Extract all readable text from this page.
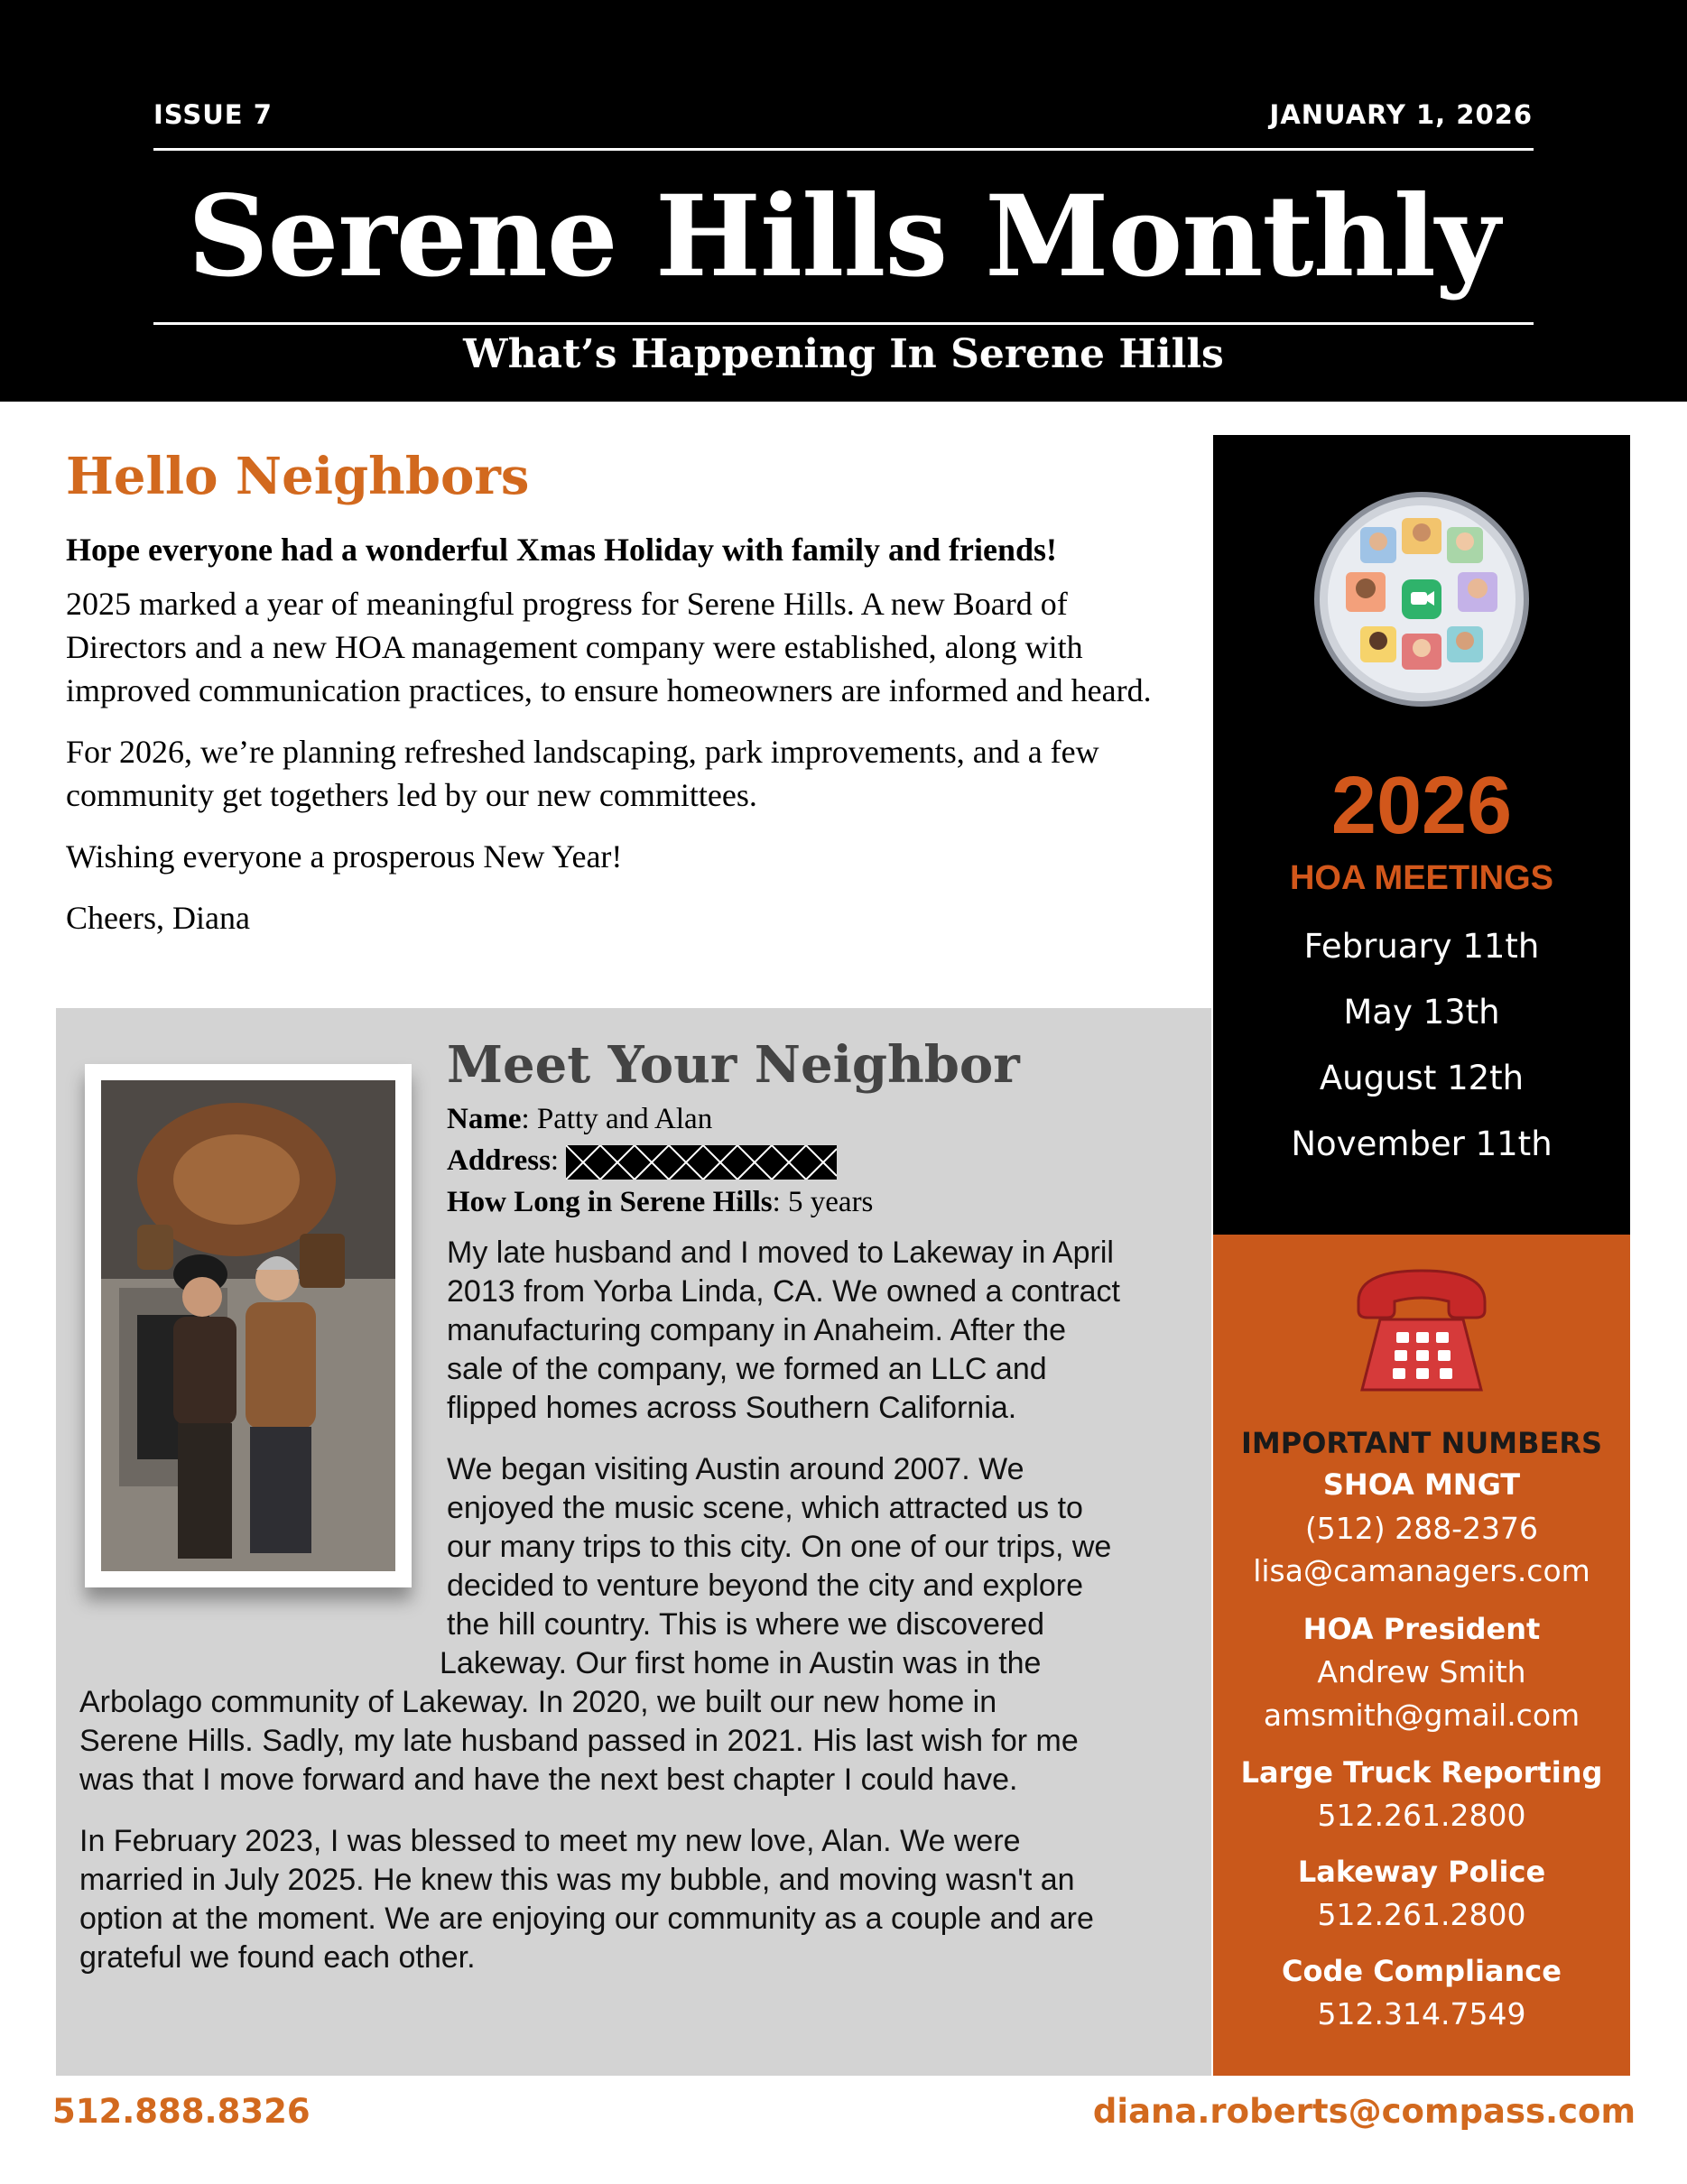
ISSUE 7	JANUARY 1, 2026
Serene Hills Monthly
What’s Happening In Serene Hills
Hello Neighbors

Hope everyone had a wonderful Xmas Holiday with family and friends!

2025 marked a year of meaningful progress for Serene Hills. A new Board of Directors and a new HOA management company were established, along with improved communication practices, to ensure homeowners are informed and heard.

For 2026, we’re planning refreshed landscaping, park improvements, and a few community get togethers led by our new committees.

Wishing everyone a prosperous New Year!

Cheers, Diana

Meet Your Neighbor
Name: Patty and Alan
Address:
How Long in Serene Hills: 5 years
My late husband and I moved to Lakeway in April
2013 from Yorba Linda, CA. We owned a contract
manufacturing company in Anaheim. After the
sale of the company, we formed an LLC and
flipped homes across Southern California.
We began visiting Austin around 2007. We
enjoyed the music scene, which attracted us to
our many trips to this city. On one of our trips, we
decided to venture beyond the city and explore
the hill country. This is where we discovered
Lakeway. Our first home in Austin was in the
Arbolago community of Lakeway. In 2020, we built our new home in
Serene Hills. Sadly, my late husband passed in 2021. His last wish for me
was that I move forward and have the next best chapter I could have.
In February 2023, I was blessed to meet my new love, Alan. We were
married in July 2025. He knew this was my bubble, and moving wasn't an
option at the moment. We are enjoying our community as a couple and are
grateful we found each other.
2026
HOA MEETINGS
February 11th
May 13th
August 12th
November 11th
IMPORTANT NUMBERS
SHOA MNGT
(512) 288-2376
lisa@camanagers.com
HOA President
Andrew Smith
amsmith@gmail.com
Large Truck Reporting
512.261.2800
Lakeway Police
512.261.2800
Code Compliance
512.314.7549
512.888.8326	diana.roberts@compass.com
